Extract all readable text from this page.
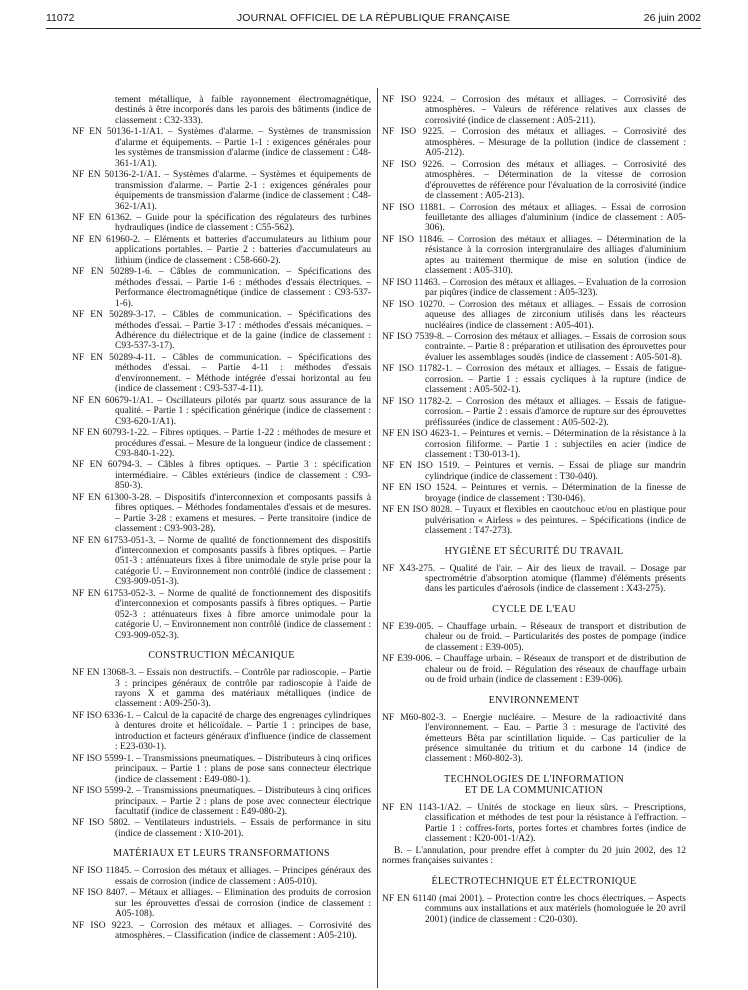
11072	JOURNAL OFFICIEL DE LA RÉPUBLIQUE FRANÇAISE	26 juin 2002
tement métallique, à faible rayonnement électromagnétique, destinés à être incorporés dans les parois des bâtiments (indice de classement : C32-333).
NF EN 50136-1-1/A1. – Systèmes d'alarme. – Systèmes de transmission d'alarme et équipements. – Partie 1-1 : exigences générales pour les systèmes de transmission d'alarme (indice de classement : C48-361-1/A1).
NF EN 50136-2-1/A1. – Systèmes d'alarme. – Systèmes et équipements de transmission d'alarme. – Partie 2-1 : exigences générales pour équipements de transmission d'alarme (indice de classement : C48-362-1/A1).
NF EN 61362. – Guide pour la spécification des régulateurs des turbines hydrauliques (indice de classement : C55-562).
NF EN 61960-2. – Eléments et batteries d'accumulateurs au lithium pour applications portables. – Partie 2 : batteries d'accumulateurs au lithium (indice de classement : C58-660-2).
NF EN 50289-1-6. – Câbles de communication. – Spécifications des méthodes d'essai. – Partie 1-6 : méthodes d'essais électriques. – Performance électromagnétique (indice de classement : C93-537-1-6).
NF EN 50289-3-17. – Câbles de communication. – Spécifications des méthodes d'essai. – Partie 3-17 : méthodes d'essais mécaniques. – Adhérence du diélectrique et de la gaine (indice de classement : C93-537-3-17).
NF EN 50289-4-11. – Câbles de communication. – Spécifications des méthodes d'essai. – Partie 4-11 : méthodes d'essais d'environnement. – Méthode intégrée d'essai horizontal au feu (indice de classement : C93-537-4-11).
NF EN 60679-1/A1. – Oscillateurs pilotés par quartz sous assurance de la qualité. – Partie 1 : spécification générique (indice de classement : C93-620-1/A1).
NF EN 60793-1-22. – Fibres optiques. – Partie 1-22 : méthodes de mesure et procédures d'essai. – Mesure de la longueur (indice de classement : C93-840-1-22).
NF EN 60794-3. – Câbles à fibres optiques. – Partie 3 : spécification intermédiaire. – Câbles extérieurs (indice de classement : C93-850-3).
NF EN 61300-3-28. – Dispositifs d'interconnexion et composants passifs à fibres optiques. – Méthodes fondamentales d'essais et de mesures. – Partie 3-28 : examens et mesures. – Perte transitoire (indice de classement : C93-903-28).
NF EN 61753-051-3. – Norme de qualité de fonctionnement des dispositifs d'interconnexion et composants passifs à fibres optiques. – Partie 051-3 : atténuateurs fixes à fibre unimodale de style prise pour la catégorie U. – Environnement non contrôlé (indice de classement : C93-909-051-3).
NF EN 61753-052-3. – Norme de qualité de fonctionnement des dispositifs d'interconnexion et composants passifs à fibres optiques. – Partie 052-3 : atténuateurs fixes à fibre amorce unimodale pour la catégorie U. – Environnement non contrôlé (indice de classement : C93-909-052-3).
CONSTRUCTION MÉCANIQUE
NF EN 13068-3. – Essais non destructifs. – Contrôle par radioscopie. – Partie 3 : principes généraux de contrôle par radioscopie à l'aide de rayons X et gamma des matériaux métalliques (indice de classement : A09-250-3).
NF ISO 6336-1. – Calcul de la capacité de charge des engrenages cylindriques à dentures droite et hélicoïdale. – Partie 1 : principes de base, introduction et facteurs généraux d'influence (indice de classement : E23-030-1).
NF ISO 5599-1. – Transmissions pneumatiques. – Distributeurs à cinq orifices principaux. – Partie 1 : plans de pose sans connecteur électrique (indice de classement : E49-080-1).
NF ISO 5599-2. – Transmissions pneumatiques. – Distributeurs à cinq orifices principaux. – Partie 2 : plans de pose avec connecteur électrique facultatif (indice de classement : E49-080-2).
NF ISO 5802. – Ventilateurs industriels. – Essais de performance in situ (indice de classement : X10-201).
MATÉRIAUX ET LEURS TRANSFORMATIONS
NF ISO 11845. – Corrosion des métaux et alliages. – Principes généraux des essais de corrosion (indice de classement : A05-010).
NF ISO 8407. – Métaux et alliages. – Elimination des produits de corrosion sur les éprouvettes d'essai de corrosion (indice de classement : A05-108).
NF ISO 9223. – Corrosion des métaux et alliages. – Corrosivité des atmosphères. – Classification (indice de classement : A05-210).
NF ISO 9224. – Corrosion des métaux et alliages. – Corrosivité des atmosphères. – Valeurs de référence relatives aux classes de corrosivité (indice de classement : A05-211).
NF ISO 9225. – Corrosion des métaux et alliages. – Corrosivité des atmosphères. – Mesurage de la pollution (indice de classement : A05-212).
NF ISO 9226. – Corrosion des métaux et alliages. – Corrosivité des atmosphères. – Détermination de la vitesse de corrosion d'éprouvettes de référence pour l'évaluation de la corrosivité (indice de classement : A05-213).
NF ISO 11881. – Corrosion des métaux et alliages. – Essai de corrosion feuilletante des alliages d'aluminium (indice de classement : A05-306).
NF ISO 11846. – Corrosion des métaux et alliages. – Détermination de la résistance à la corrosion intergranulaire des alliages d'aluminium aptes au traitement thermique de mise en solution (indice de classement : A05-310).
NF ISO 11463. – Corrosion des métaux et alliages. – Evaluation de la corrosion par piqûres (indice de classement : A05-323).
NF ISO 10270. – Corrosion des métaux et alliages. – Essais de corrosion aqueuse des alliages de zirconium utilisés dans les réacteurs nucléaires (indice de classement : A05-401).
NF ISO 7539-8. – Corrosion des métaux et alliages. – Essais de corrosion sous contrainte. – Partie 8 : préparation et utilisation des éprouvettes pour évaluer les assemblages soudés (indice de classement : A05-501-8).
NF ISO 11782-1. – Corrosion des métaux et alliages. – Essais de fatigue-corrosion. – Partie 1 : essais cycliques à la rupture (indice de classement : A05-502-1).
NF ISO 11782-2. – Corrosion des métaux et alliages. – Essais de fatigue-corrosion. – Partie 2 : essais d'amorce de rupture sur des éprouvettes préfissurées (indice de classement : A05-502-2).
NF EN ISO 4623-1. – Peintures et vernis. – Détermination de la résistance à la corrosion filiforme. – Partie 1 : subjectiles en acier (indice de classement : T30-013-1).
NF EN ISO 1519. – Peintures et vernis. – Essai de pliage sur mandrin cylindrique (indice de classement : T30-040).
NF EN ISO 1524. – Peintures et vernis. – Détermination de la finesse de broyage (indice de classement : T30-046).
NF EN ISO 8028. – Tuyaux et flexibles en caoutchouc et/ou en plastique pour pulvérisation « Airless » des peintures. – Spécifications (indice de classement : T47-273).
HYGIÈNE ET SÉCURITÉ DU TRAVAIL
NF X43-275. – Qualité de l'air. – Air des lieux de travail. – Dosage par spectrométrie d'absorption atomique (flamme) d'éléments présents dans les particules d'aérosols (indice de classement : X43-275).
CYCLE DE L'EAU
NF E39-005. – Chauffage urbain. – Réseaux de transport et distribution de chaleur ou de froid. – Particularités des postes de pompage (indice de classement : E39-005).
NF E39-006. – Chauffage urbain. – Réseaux de transport et de distribution de chaleur ou de froid. – Régulation des réseaux de chauffage urbain ou de froid urbain (indice de classement : E39-006).
ENVIRONNEMENT
NF M60-802-3. – Energie nucléaire. – Mesure de la radioactivité dans l'environnement. – Eau. – Partie 3 : mesurage de l'activité des émetteurs Bêta par scintillation liquide. – Cas particulier de la présence simultanée du tritium et du carbone 14 (indice de classement : M60-802-3).
TECHNOLOGIES DE L'INFORMATION
ET DE LA COMMUNICATION
NF EN 1143-1/A2. – Unités de stockage en lieux sûrs. – Prescriptions, classification et méthodes de test pour la résistance à l'effraction. – Partie 1 : coffres-forts, portes fortes et chambres fortes (indice de classement : K20-001-1/A2).
B. – L'annulation, pour prendre effet à compter du 20 juin 2002, des 12 normes françaises suivantes :
ÉLECTROTECHNIQUE ET ÉLECTRONIQUE
NF EN 61140 (mai 2001). – Protection contre les chocs électriques. – Aspects communs aux installations et aux matériels (homologuée le 20 avril 2001) (indice de classement : C20-030).
